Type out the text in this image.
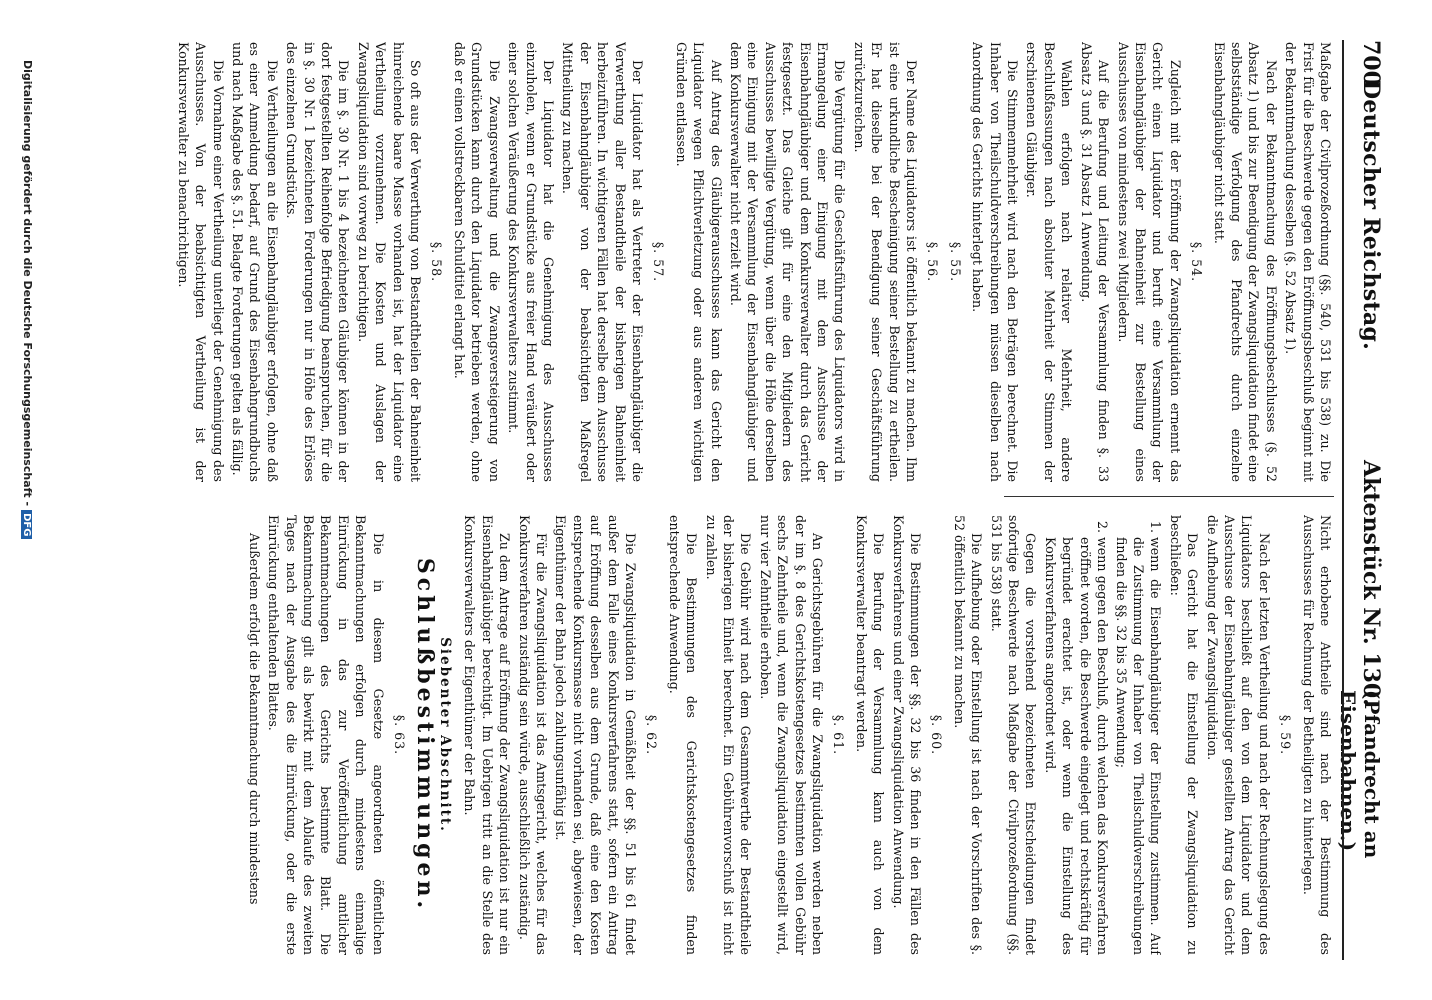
700
Deutscher Reichstag.
Aktenstück Nr. 130.
(Pfandrecht an Eisenbahnen.)

Maßgabe der Civilprozeßordnung (§§. 540, 531 bis 538) zu. Die Frist für die Beschwerde gegen den Eröffnungsbeschluß beginnt mit der Bekanntmachung desselben (§. 52 Absatz 1).

Nach der Bekanntmachung des Eröffnungsbeschlusses (§. 52 Absatz 1) und bis zur Beendigung der Zwangsliquidation findet eine selbstständige Verfolgung des Pfandrechts durch einzelne Eisenbahngläubiger nicht statt.

§. 54.

Zugleich mit der Eröffnung der Zwangsliquidation ernennt das Gericht einen Liquidator und beruft eine Versammlung der Eisenbahngläubiger der Bahneinheit zur Bestellung eines Ausschusses von mindestens zwei Mitgliedern.

Auf die Berufung und Leitung der Versammlung finden §. 33 Absatz 3 und §. 31 Absatz 1 Anwendung.

Wahlen erfolgen nach relativer Mehrheit, andere Beschlußfassungen nach absoluter Mehrheit der Stimmen der erschienenen Gläubiger.

Die Stimmenmehrheit wird nach den Beträgen berechnet. Die Inhaber von Theilschuldverschreibungen müssen dieselben nach Anordnung des Gerichts hinterlegt haben.

§. 55.

§. 56.

Der Name des Liquidators ist öffentlich bekannt zu machen. Ihm ist eine urkundliche Bescheinigung seiner Bestellung zu ertheilen. Er hat dieselbe bei der Beendigung seiner Geschäftsführung zurückzureichen.

Die Vergütung für die Geschäftsführung des Liquidators wird in Ermangelung einer Einigung mit dem Ausschusse der Eisenbahngläubiger und dem Konkursverwalter durch das Gericht festgesetzt. Das Gleiche gilt für eine den Mitgliedern des Ausschusses bewilligte Vergütung, wenn über die Höhe derselben eine Einigung mit der Versammlung der Eisenbahngläubiger und dem Konkursverwalter nicht erzielt wird.

Auf Antrag des Gläubigerausschusses kann das Gericht den Liquidator wegen Pflichtverletzung oder aus anderen wichtigen Gründen entlassen.

§. 57.

Der Liquidator hat als Vertreter der Eisenbahngläubiger die Verwerthung aller Bestandtheile der bisherigen Bahneinheit herbeizuführen. In wichtigeren Fällen hat derselbe dem Ausschusse der Eisenbahngläubiger von der beabsichtigten Maßregel Mittheilung zu machen.

Der Liquidator hat die Genehmigung des Ausschusses einzuholen, wenn er Grundstücke aus freier Hand veräußert oder einer solchen Veräußerung des Konkursverwalters zustimmt.

Die Zwangsverwaltung und die Zwangsversteigerung von Grundstücken kann durch den Liquidator betrieben werden, ohne daß er einen vollstreckbaren Schuldtitel erlangt hat.

§. 58.

So oft aus der Verwerthung von Bestandtheilen der Bahneinheit hinreichende baare Masse vorhanden ist, hat der Liquidator eine Vertheilung vorzunehmen. Die Kosten und Auslagen der Zwangsliquidation sind vorweg zu berichtigen.

Die im §. 30 Nr. 1 bis 4 bezeichneten Gläubiger können in der dort festgestellten Reihenfolge Befriedigung beanspruchen, für die in §. 30 Nr. 1 bezeichneten Forderungen nur in Höhe des Erlöses des einzelnen Grundstücks.

Die Vertheilungen an die Eisenbahngläubiger erfolgen, ohne daß es einer Anmeldung bedarf, auf Grund des Eisenbahngrundbuchs und nach Maßgabe des §. 51. Belagte Forderungen gelten als fällig.

Die Vornahme einer Vertheilung unterliegt der Genehmigung des Ausschusses. Von der beabsichtigten Vertheilung ist der Konkursverwalter zu benachrichtigen.

Nicht erhobene Antheile sind nach der Bestimmung des Ausschusses für Rechnung der Betheiligten zu hinterlegen.

§. 59.

Nach der letzten Vertheilung und nach der Rechnungslegung des Liquidators beschließt auf den von dem Liquidator und dem Ausschusse der Eisenbahngläubiger gestellten Antrag das Gericht die Aufhebung der Zwangsliquidation.

Das Gericht hat die Einstellung der Zwangsliquidation zu beschließen:

1. wenn die Eisenbahngläubiger der Einstellung zustimmen. Auf die Zustimmung der Inhaber von Theilschuldverschreibungen finden die §§. 32 bis 35 Anwendung;
2. wenn gegen den Beschluß, durch welchen das Konkursverfahren eröffnet worden, die Beschwerde eingelegt und rechtskräftig für begründet erachtet ist, oder wenn die Einstellung des Konkursverfahrens angeordnet wird.

Gegen die vorstehend bezeichneten Entscheidungen findet sofortige Beschwerde nach Maßgabe der Civilprozeßordnung (§§. 531 bis 538) statt.

Die Aufhebung oder Einstellung ist nach der Vorschriften des §. 52 öffentlich bekannt zu machen.

§. 60.

Die Bestimmungen der §§. 32 bis 36 finden in den Fällen des Konkursverfahrens und einer Zwangsliquidation Anwendung.

Die Berufung der Versammlung kann auch von dem Konkursverwalter beantragt werden.

§. 61.

An Gerichtsgebühren für die Zwangsliquidation werden neben der im §. 8 des Gerichtskostengesetzes bestimmten vollen Gebühr sechs Zehntheile und, wenn die Zwangsliquidation eingestellt wird, nur vier Zehntheile erhoben.

Die Gebühr wird nach dem Gesammtwerthe der Bestandtheile der bisherigen Einheit berechnet. Ein Gebührenvorschuß ist nicht zu zahlen.

Die Bestimmungen des Gerichtskostengesetzes finden entsprechende Anwendung.

§. 62.

Die Zwangsliquidation in Gemäßheit der §§. 51 bis 61 findet außer dem Falle eines Konkursverfahrens statt, sofern ein Antrag auf Eröffnung desselben aus dem Grunde, daß eine den Kosten entsprechende Konkursmasse nicht vorhanden sei, abgewiesen, der Eigenthümer der Bahn jedoch zahlungsunfähig ist.

Für die Zwangsliquidation ist das Amtsgericht, welches für das Konkursverfahren zuständig sein würde, ausschließlich zuständig.

Zu dem Antrage auf Eröffnung der Zwangsliquidation ist nur ein Eisenbahngläubiger berechtigt. Im Uebrigen tritt an die Stelle des Konkursverwalters der Eigenthümer der Bahn.

Siebenter Abschnitt.
Schlußbestimmungen.

§. 63.

Die in diesem Gesetze angeordneten öffentlichen Bekanntmachungen erfolgen durch mindestens einmalige Einrückung in das zur Veröffentlichung amtlicher Bekanntmachungen des Gerichts bestimmte Blatt. Die Bekanntmachung gilt als bewirkt mit dem Ablaufe des zweiten Tages nach der Ausgabe des die Einrückung, oder die erste Einrückung enthaltenden Blattes.

Außerdem erfolgt die Bekanntmachung durch mindestens

Digitalisierung gefördert durch die Deutsche Forschungsgemeinschaft -DFG
